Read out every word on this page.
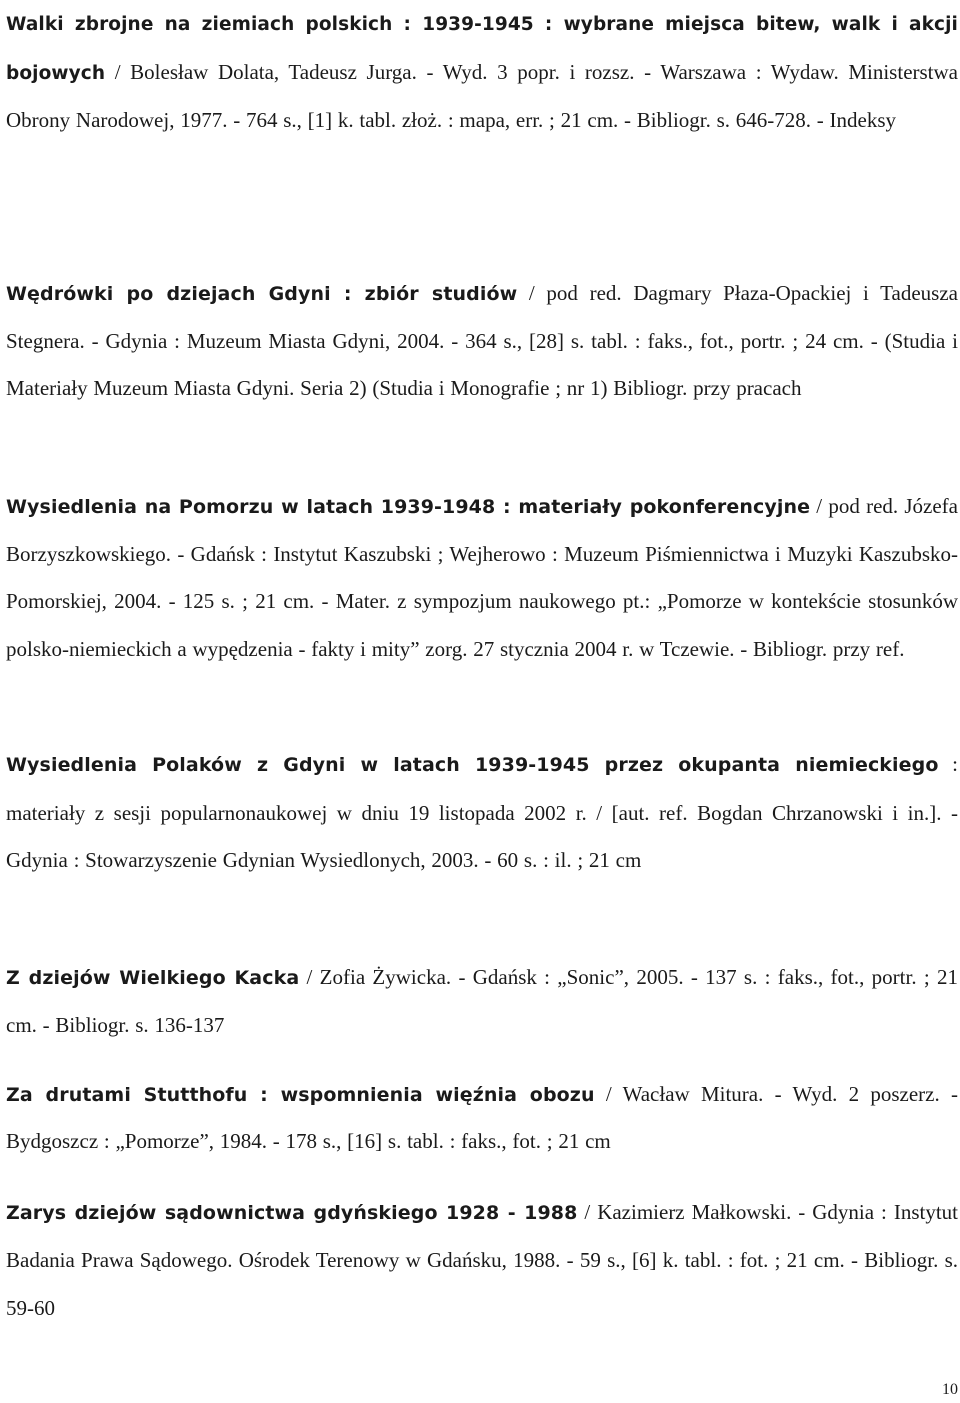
Walki zbrojne na ziemiach polskich : 1939-1945 : wybrane miejsca bitew, walk i akcji bojowych / Bolesław Dolata, Tadeusz Jurga. - Wyd. 3 popr. i rozsz. - Warszawa : Wydaw. Ministerstwa Obrony Narodowej, 1977. - 764 s., [1] k. tabl. złoż. : mapa, err. ; 21 cm. - Bibliogr. s. 646-728. - Indeksy

Wędrówki po dziejach Gdyni : zbiór studiów / pod red. Dagmary Płaza-Opackiej i Tadeusza Stegnera. - Gdynia : Muzeum Miasta Gdyni, 2004. - 364 s., [28] s. tabl. : faks., fot., portr. ; 24 cm. - (Studia i Materiały Muzeum Miasta Gdyni. Seria 2) (Studia i Monografie ; nr 1) Bibliogr. przy pracach

Wysiedlenia na Pomorzu w latach 1939-1948 : materiały pokonferencyjne / pod red. Józefa Borzyszkowskiego. - Gdańsk : Instytut Kaszubski ; Wejherowo : Muzeum Piśmiennictwa i Muzyki Kaszubsko-Pomorskiej, 2004. - 125 s. ; 21 cm. - Mater. z sympozjum naukowego pt.: „Pomorze w kontekście stosunków polsko-niemieckich a wypędzenia - fakty i mity” zorg. 27 stycznia 2004 r. w Tczewie. - Bibliogr. przy ref.

Wysiedlenia Polaków z Gdyni w latach 1939-1945 przez okupanta niemieckiego : materiały z sesji popularnonaukowej w dniu 19 listopada 2002 r. / [aut. ref. Bogdan Chrzanowski i in.]. - Gdynia : Stowarzyszenie Gdynian Wysiedlonych, 2003. - 60 s. : il. ; 21 cm

Z dziejów Wielkiego Kacka / Zofia Żywicka. - Gdańsk : „Sonic”, 2005. - 137 s. : faks., fot., portr. ; 21 cm. - Bibliogr. s. 136-137

Za drutami Stutthofu : wspomnienia więźnia obozu / Wacław Mitura. - Wyd. 2 poszerz. -Bydgoszcz : „Pomorze”, 1984. - 178 s., [16] s. tabl. : faks., fot. ; 21 cm

Zarys dziejów sądownictwa gdyńskiego 1928 - 1988 / Kazimierz Małkowski. - Gdynia : Instytut Badania Prawa Sądowego. Ośrodek Terenowy w Gdańsku, 1988. - 59 s., [6] k. tabl. : fot. ; 21 cm. - Bibliogr. s. 59-60

10
